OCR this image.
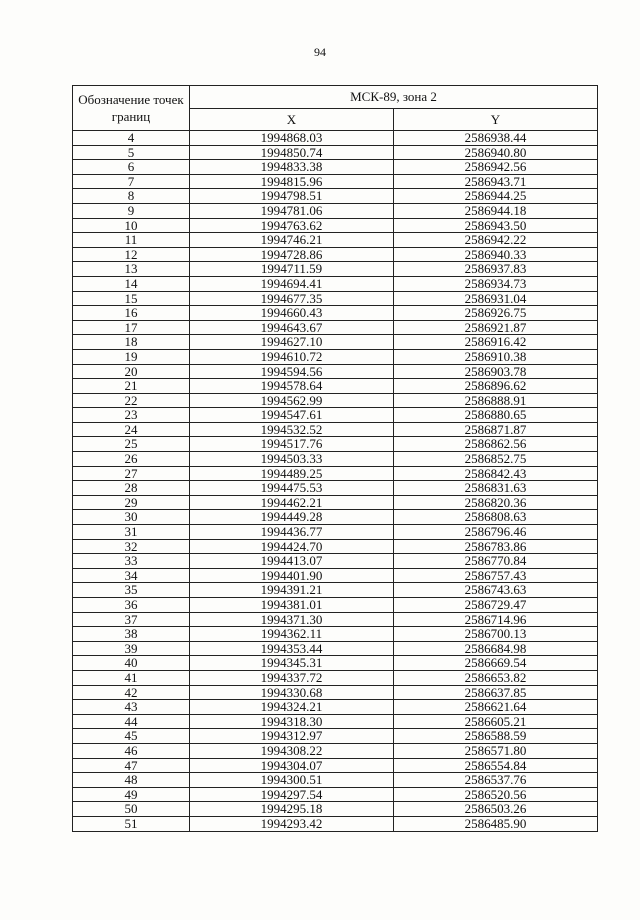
94
Обозначение точек границ	МСК-89, зона 2	
	X	Y
4	1994868.03	2586938.44
5	1994850.74	2586940.80
6	1994833.38	2586942.56
7	1994815.96	2586943.71
8	1994798.51	2586944.25
9	1994781.06	2586944.18
10	1994763.62	2586943.50
11	1994746.21	2586942.22
12	1994728.86	2586940.33
13	1994711.59	2586937.83
14	1994694.41	2586934.73
15	1994677.35	2586931.04
16	1994660.43	2586926.75
17	1994643.67	2586921.87
18	1994627.10	2586916.42
19	1994610.72	2586910.38
20	1994594.56	2586903.78
21	1994578.64	2586896.62
22	1994562.99	2586888.91
23	1994547.61	2586880.65
24	1994532.52	2586871.87
25	1994517.76	2586862.56
26	1994503.33	2586852.75
27	1994489.25	2586842.43
28	1994475.53	2586831.63
29	1994462.21	2586820.36
30	1994449.28	2586808.63
31	1994436.77	2586796.46
32	1994424.70	2586783.86
33	1994413.07	2586770.84
34	1994401.90	2586757.43
35	1994391.21	2586743.63
36	1994381.01	2586729.47
37	1994371.30	2586714.96
38	1994362.11	2586700.13
39	1994353.44	2586684.98
40	1994345.31	2586669.54
41	1994337.72	2586653.82
42	1994330.68	2586637.85
43	1994324.21	2586621.64
44	1994318.30	2586605.21
45	1994312.97	2586588.59
46	1994308.22	2586571.80
47	1994304.07	2586554.84
48	1994300.51	2586537.76
49	1994297.54	2586520.56
50	1994295.18	2586503.26
51	1994293.42	2586485.90
